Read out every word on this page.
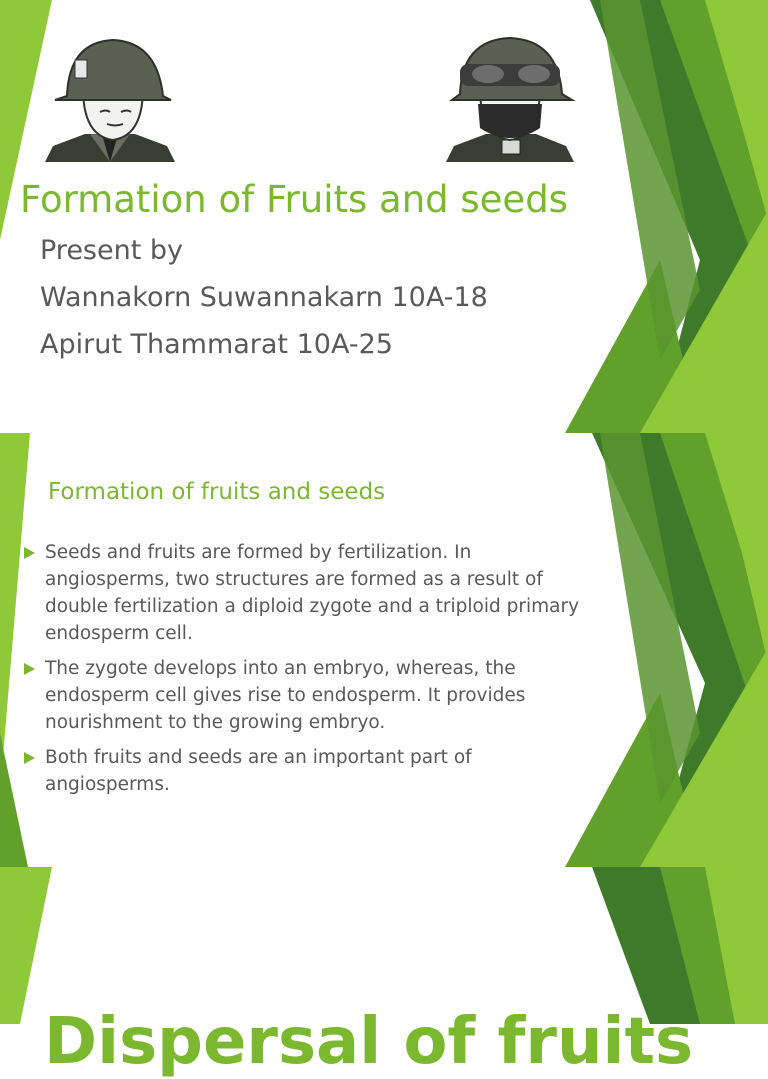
Formation of Fruits and seeds
Present by
Wannakorn Suwannakarn 10A-18
Apirut Thammarat 10A-25
Formation of fruits and seeds
Seeds and fruits are formed by fertilization. In angiosperms, two structures are formed as a result of double fertilization a diploid zygote and a triploid primary endosperm cell.
The zygote develops into an embryo, whereas, the endosperm cell gives rise to endosperm. It provides nourishment to the growing embryo.
Both fruits and seeds are an important part of angiosperms.
Dispersal of fruits
